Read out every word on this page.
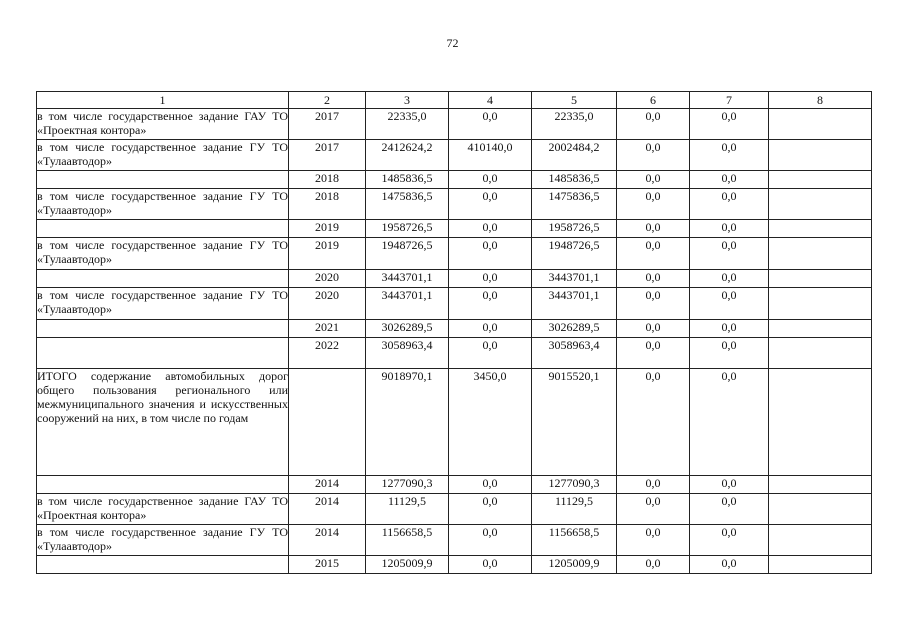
72
1	2	3	4	5	6	7	8
в том числе государственное задание ГАУ ТО «Проектная контора»	2017	22335,0	0,0	22335,0	0,0	0,0	
в том числе государственное задание ГУ ТО «Тулаавтодор»	2017	2412624,2	410140,0	2002484,2	0,0	0,0	
	2018	1485836,5	0,0	1485836,5	0,0	0,0	
в том числе государственное задание ГУ ТО «Тулаавтодор»	2018	1475836,5	0,0	1475836,5	0,0	0,0	
	2019	1958726,5	0,0	1958726,5	0,0	0,0	
в том числе государственное задание ГУ ТО «Тулаавтодор»	2019	1948726,5	0,0	1948726,5	0,0	0,0	
	2020	3443701,1	0,0	3443701,1	0,0	0,0	
в том числе государственное задание ГУ ТО «Тулаавтодор»	2020	3443701,1	0,0	3443701,1	0,0	0,0	
	2021	3026289,5	0,0	3026289,5	0,0	0,0	
	2022	3058963,4	0,0	3058963,4	0,0	0,0	
ИТОГО содержание автомобильных дорог общего пользования регионального или межмуниципального значения и искусственных сооружений на них, в том числе по годам		9018970,1	3450,0	9015520,1	0,0	0,0	
	2014	1277090,3	0,0	1277090,3	0,0	0,0	
в том числе государственное задание ГАУ ТО «Проектная контора»	2014	11129,5	0,0	11129,5	0,0	0,0	
в том числе государственное задание ГУ ТО «Тулаавтодор»	2014	1156658,5	0,0	1156658,5	0,0	0,0	
	2015	1205009,9	0,0	1205009,9	0,0	0,0	
